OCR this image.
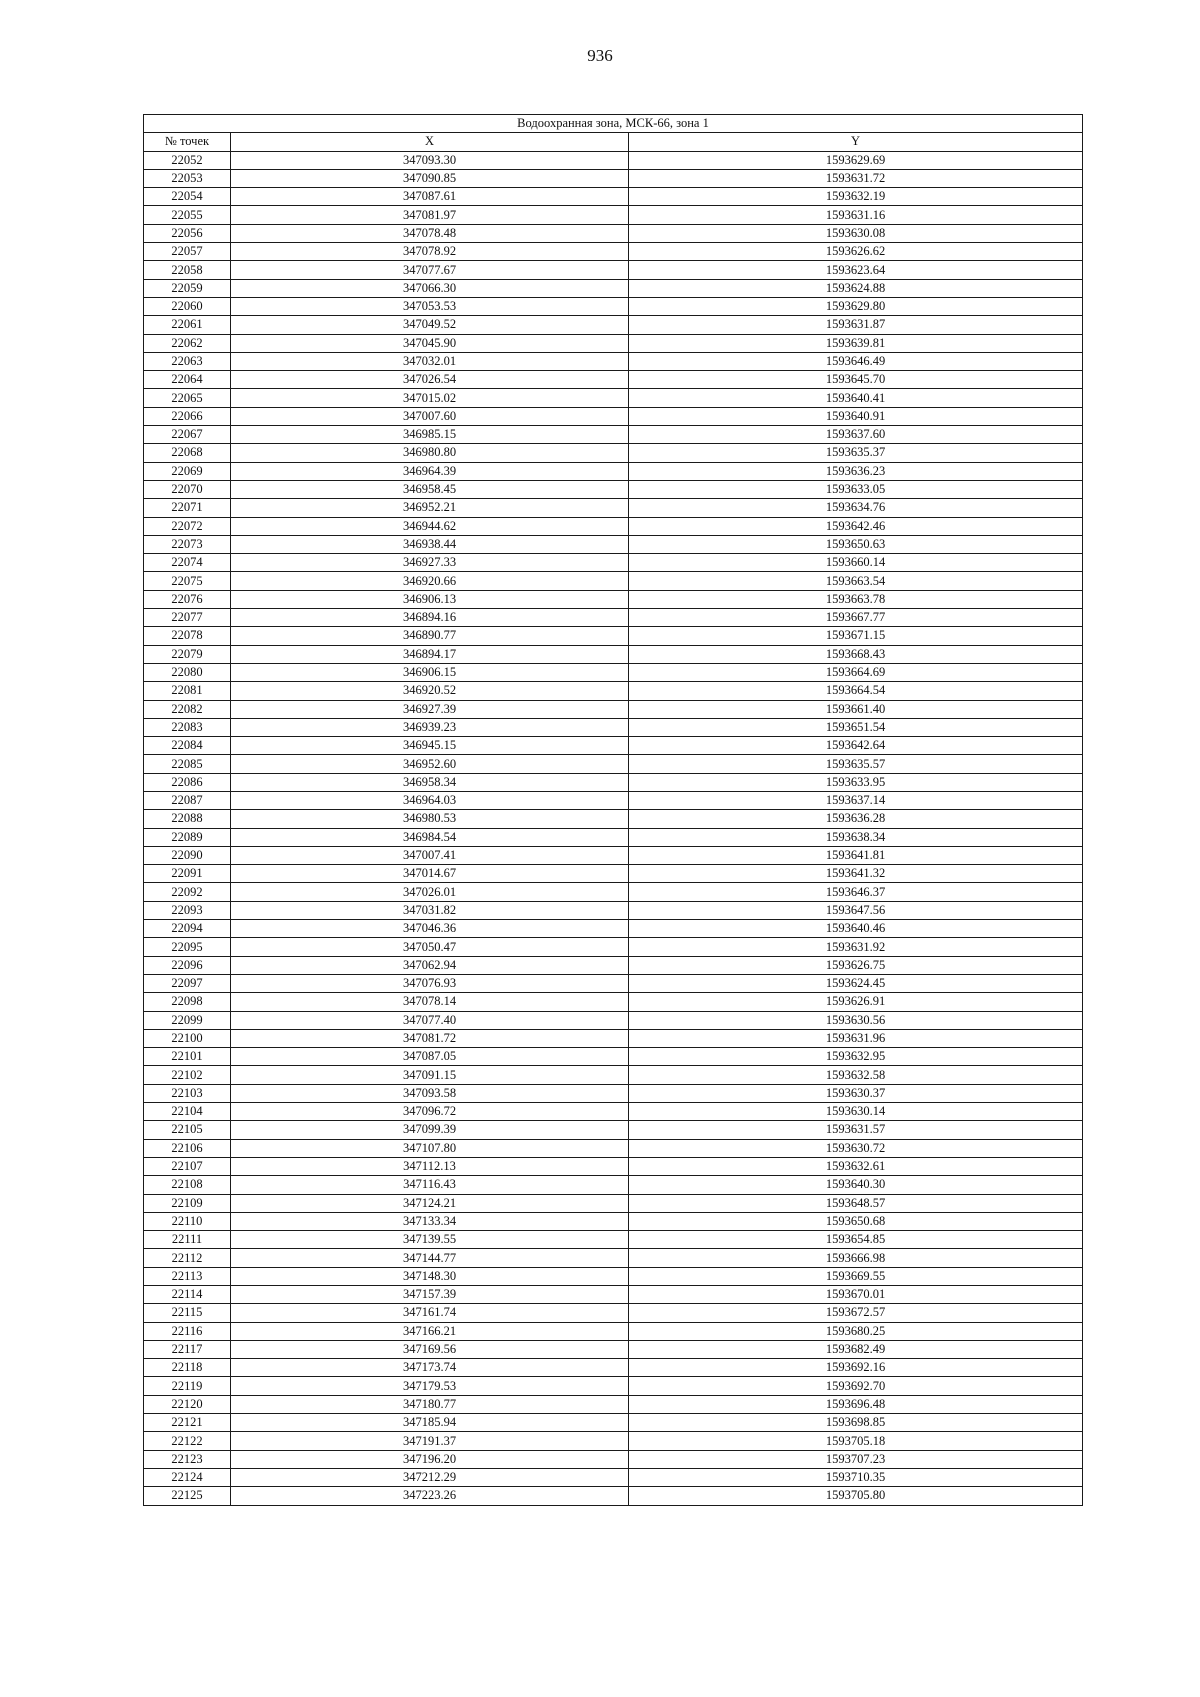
936
Водоохранная зона, МСК-66, зона 1		
№ точек	X	Y
22052	347093.30	1593629.69
22053	347090.85	1593631.72
22054	347087.61	1593632.19
22055	347081.97	1593631.16
22056	347078.48	1593630.08
22057	347078.92	1593626.62
22058	347077.67	1593623.64
22059	347066.30	1593624.88
22060	347053.53	1593629.80
22061	347049.52	1593631.87
22062	347045.90	1593639.81
22063	347032.01	1593646.49
22064	347026.54	1593645.70
22065	347015.02	1593640.41
22066	347007.60	1593640.91
22067	346985.15	1593637.60
22068	346980.80	1593635.37
22069	346964.39	1593636.23
22070	346958.45	1593633.05
22071	346952.21	1593634.76
22072	346944.62	1593642.46
22073	346938.44	1593650.63
22074	346927.33	1593660.14
22075	346920.66	1593663.54
22076	346906.13	1593663.78
22077	346894.16	1593667.77
22078	346890.77	1593671.15
22079	346894.17	1593668.43
22080	346906.15	1593664.69
22081	346920.52	1593664.54
22082	346927.39	1593661.40
22083	346939.23	1593651.54
22084	346945.15	1593642.64
22085	346952.60	1593635.57
22086	346958.34	1593633.95
22087	346964.03	1593637.14
22088	346980.53	1593636.28
22089	346984.54	1593638.34
22090	347007.41	1593641.81
22091	347014.67	1593641.32
22092	347026.01	1593646.37
22093	347031.82	1593647.56
22094	347046.36	1593640.46
22095	347050.47	1593631.92
22096	347062.94	1593626.75
22097	347076.93	1593624.45
22098	347078.14	1593626.91
22099	347077.40	1593630.56
22100	347081.72	1593631.96
22101	347087.05	1593632.95
22102	347091.15	1593632.58
22103	347093.58	1593630.37
22104	347096.72	1593630.14
22105	347099.39	1593631.57
22106	347107.80	1593630.72
22107	347112.13	1593632.61
22108	347116.43	1593640.30
22109	347124.21	1593648.57
22110	347133.34	1593650.68
22111	347139.55	1593654.85
22112	347144.77	1593666.98
22113	347148.30	1593669.55
22114	347157.39	1593670.01
22115	347161.74	1593672.57
22116	347166.21	1593680.25
22117	347169.56	1593682.49
22118	347173.74	1593692.16
22119	347179.53	1593692.70
22120	347180.77	1593696.48
22121	347185.94	1593698.85
22122	347191.37	1593705.18
22123	347196.20	1593707.23
22124	347212.29	1593710.35
22125	347223.26	1593705.80
